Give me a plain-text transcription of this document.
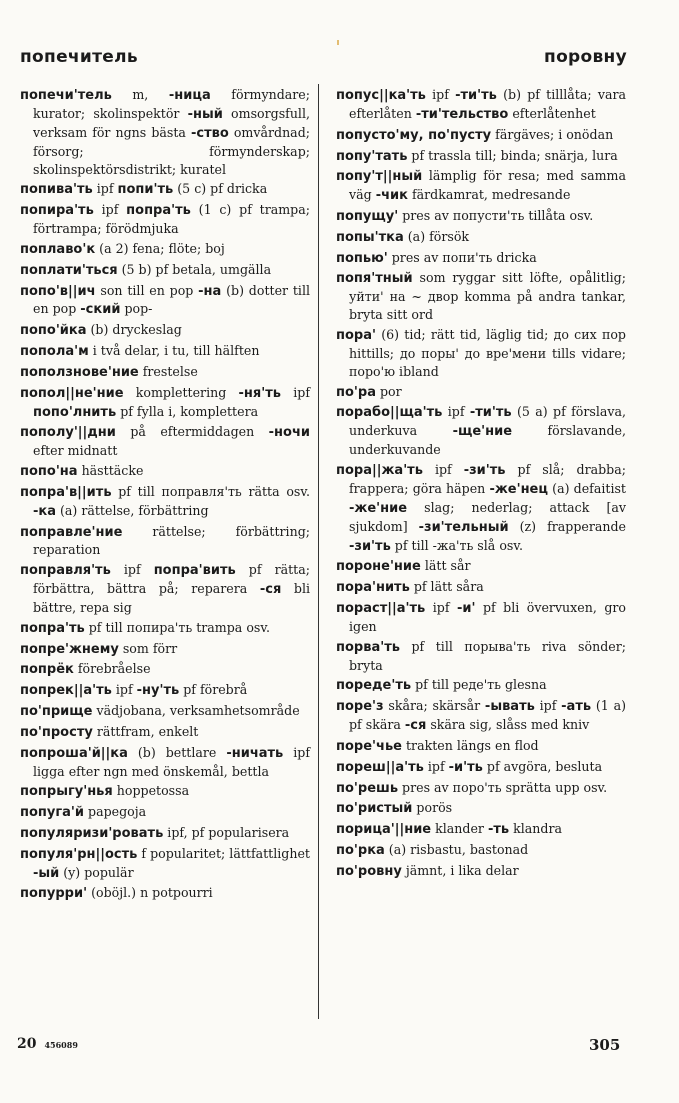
попечитель	поровну

попечи'тель m, -ница förmyndare; kurator; skolinspektör -ный omsorgsfull, verksam för ngns bästa -ство omvårdnad; försorg; förmynderskap; skolinspektörsdistrikt; kuratel

попива'ть ipf попи'ть (5 c) pf dricka

попира'ть ipf попра'ть (1 c) pf trampa; förtrampa; förödmjuka

поплаво'к (a 2) fena; flöte; boj

поплати'ться (5 b) pf betala, umgälla

попо'в||ич son till en pop -на (b) dotter till en pop -ский pop-

попо'йка (b) dryckeslag

попола'м i två delar, i tu, till hälften

поползнове'ние frestelse

попол||не'ние komplettering -ня'ть ipf попо'лнить pf fylla i, komplettera

пополу'||дни på eftermiddagen -ночи efter midnatt

попо'на hästtäcke

попра'в||ить pf till поправля'ть rätta osv. -ка (a) rättelse, förbättring

поправле'ние rättelse; förbättring; reparation

поправля'ть ipf попра'вить pf rätta; förbättra, bättra på; reparera -ся bli bättre, repa sig

попра'ть pf till попира'ть trampa osv.

попре'жнему som förr

попрёк förebråelse

попрек||а'ть ipf -ну'ть pf förebrå

по'прище vädjobana, verksamhetsområde

по'просту rättfram, enkelt

попроша'й||ка (b) bettlare -ничать ipf ligga efter ngn med önskemål, bettla

попрыгу'нья hoppetossa

попуга'й papegoja

популяризи'ровать ipf, pf popularisera

популя'рн||ость f popularitet; lättfattlighet -ый (y) populär

попурри' (oböjl.) n potpourri

попус||ка'ть ipf -ти'ть (b) pf tilllåta; vara efterlåten -ти'тельство efterlåtenhet

попусто'му, по'пусту färgäves; i onödan

попу'тать pf trassla till; binda; snärja, lura

попу'т||ный lämplig för resa; med samma väg -чик färdkamrat, medresande

попущу' pres av попусти'ть tillåta osv.

попы'тка (a) försök

попью' pres av попи'ть dricka

попя'тный som ryggar sitt löfte, opålitlig; уйти' на ~ двор komma på andra tankar, bryta sitt ord

пора' (6) tid; rätt tid, läglig tid; до сих пор hittills; до поры' до вре'мени tills vidare; поро'ю ibland

по'ра por

порабо||ща'ть ipf -ти'ть (5 a) pf förslava, underkuva -ще'ние förslavande, underkuvande

пора||жа'ть ipf -зи'ть pf slå; drabba; frappera; göra häpen -же'нец (a) defaitist -же'ние slag; nederlag; attack [av sjukdom] -зи'тельный (z) frapperande -зи'ть pf till -жа'ть slå osv.

пороне'ние lätt sår

пора'нить pf lätt såra

пораст||а'ть ipf -и' pf bli övervuxen, gro igen

порва'ть pf till порыва'ть riva sönder; bryta

пореде'ть pf till реде'ть glesna

поре'з skåra; skärsår -ывать ipf -ать (1 a) pf skära -ся skära sig, slåss med kniv

поре'чье trakten längs en flod

пореш||а'ть ipf -и'ть pf avgöra, besluta

по'решь pres av поро'ть sprätta upp osv.

по'ристый porös

порица'||ние klander -ть klandra

по'рка (a) risbastu, bastonad

по'ровну jämnt, i lika delar

20 456089	305
